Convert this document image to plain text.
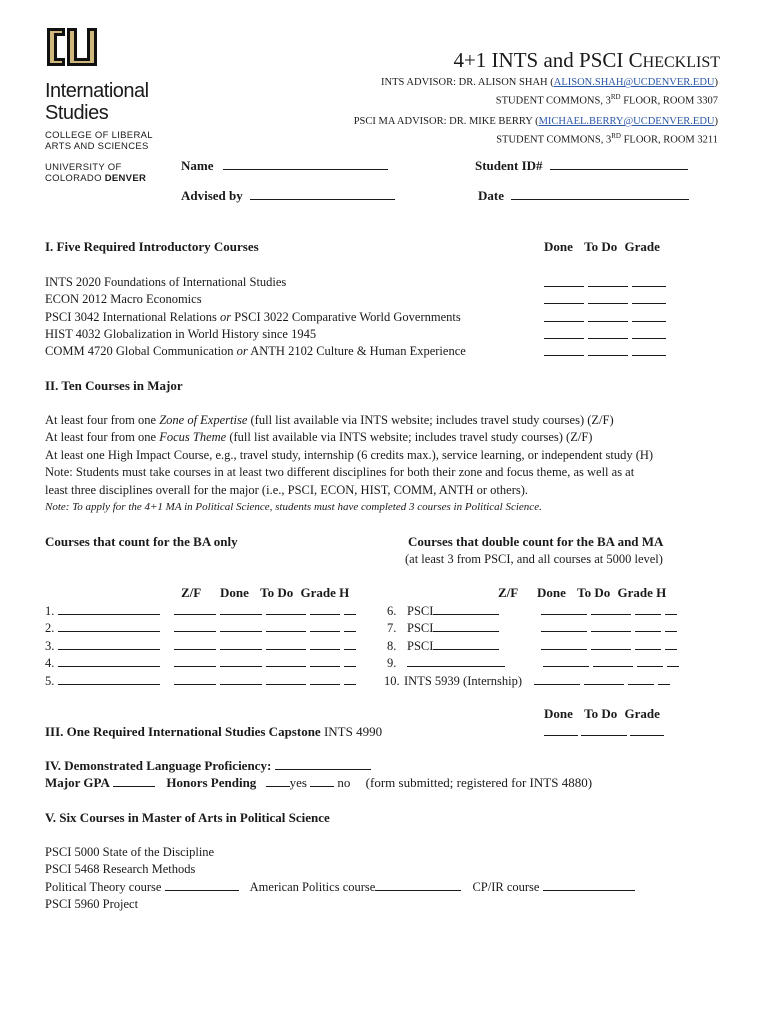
International
Studies
COLLEGE OF LIBERAL
ARTS AND SCIENCES
UNIVERSITY OF
COLORADO DENVER
4+1 INTS and PSCI CHECKLIST
INTS ADVISOR: DR. ALISON SHAH (ALISON.SHAH@UCDENVER.EDU)
STUDENT COMMONS, 3RD FLOOR, ROOM 3307
PSCI MA ADVISOR: DR. MIKE BERRY (MICHAEL.BERRY@UCDENVER.EDU)
STUDENT COMMONS, 3RD FLOOR, ROOM 3211
Name	Student ID#
Advised by	Date
I. Five Required Introductory Courses	Done To Do Grade
INTS 2020 Foundations of International Studies
ECON 2012 Macro Economics
PSCI 3042 International Relations or PSCI 3022 Comparative World Governments
HIST 4032 Globalization in World History since 1945
COMM 4720 Global Communication or ANTH 2102 Culture & Human Experience
II. Ten Courses in Major
At least four from one Zone of Expertise (full list available via INTS website; includes travel study courses) (Z/F)
At least four from one Focus Theme (full list available via INTS website; includes travel study courses) (Z/F)
At least one High Impact Course, e.g., travel study, internship (6 credits max.), service learning, or independent study (H)
Note: Students must take courses in at least two different disciplines for both their zone and focus theme, as well as at
least three disciplines overall for the major (i.e., PSCI, ECON, HIST, COMM, ANTH or others).
Note: To apply for the 4+1 MA in Political Science, students must have completed 3 courses in Political Science.
Courses that count for the BA only	Courses that double count for the BA and MA
(at least 3 from PSCI, and all courses at 5000 level)
Z/F Done To Do Grade H	Z/F Done To Do Grade H
1.
2.
3.
4.
5.
6. PSCI
7. PSCI
8. PSCI
9.
10. INTS 5939 (Internship)
Done To Do Grade
III. One Required International Studies Capstone INTS 4990

IV. Demonstrated Language Proficiency:
Major GPA	Honors Pending	yes no (form submitted; registered for INTS 4880)
V. Six Courses in Master of Arts in Political Science
PSCI 5000 State of the Discipline
PSCI 5468 Research Methods
Political Theory course	American Politics course	CP/IR course
PSCI 5960 Project
